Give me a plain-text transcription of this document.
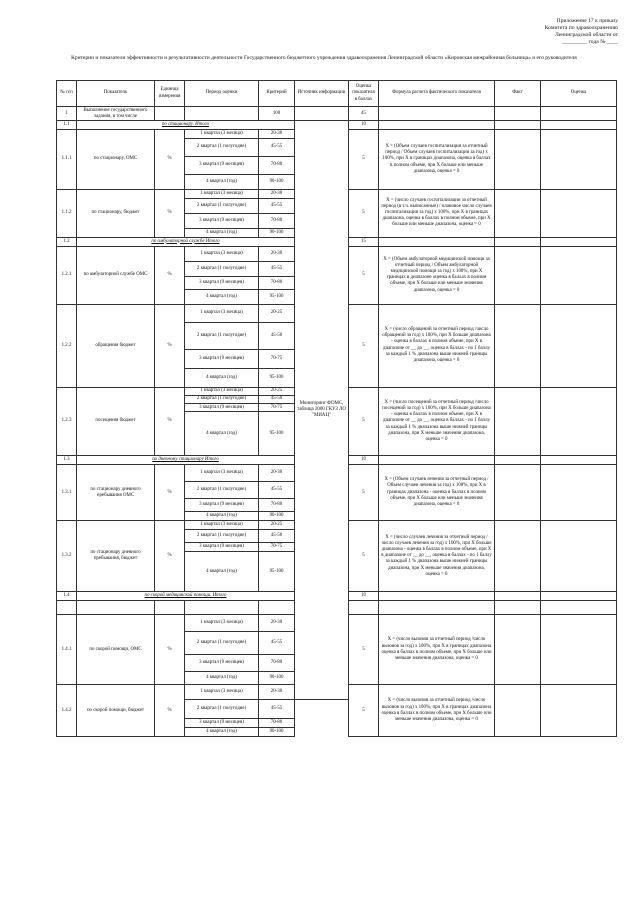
Приложение 17 к приказу
Комитета по здравоохранению
Ленинградской области от
_________ года № ____
Критерии и показатели эффективности и результативности деятельности Государственного бюджетного учреждения здравоохранения Ленинградской области «Кировская межрайонная больница» и его руководителя
№ п/п	Показатель	Единица измерения	Период оценки	Критерий	Источник информации	Оценка показателя в баллах	Формула расчета фактического показателя	Факт	Оценка
1	Выполнение государственного задания, в том числе			100		45			
1.1	по стационару. Итого				Мониторинг ФОМС, таблица 2000 ГКУЗ ЛО "МИАЦ"	10			
1.1.1	по стационару, ОМС	%	1 квартал (3 месяца)	20-30		5	Х = (Объем случаев госпитализации за отчетный период / Объем случаев госпитализации за год) х 100%, при Х в границах диапазона, оценка в баллах в полном объеме, при Х больше или меньше диапазона, оценка = 0		
			2 квартал (1 полугодие)	45-55					
			3 квартал (9 месяцев)	70-80					
			4 квартал (год)	90-100					
1.1.2	по стационару, бюджет	%	1 квартал (3 месяца)	20-30		5	Х = (число случаев госпитализации за отчетный период (в т.ч. выписанные) / плановое число случаев госпитализации за год) х 100%, при Х в границах диапазона, оценка в баллах в полном объеме, при Х больше или меньше диапазона, оценка = 0		
			2 квартал (1 полугодие)	45-55					
			3 квартал (9 месяцев)	70-80					
			4 квартал (год)	90-100					
1.2	по амбулаторной службе Итого					15			
1.2.1	по амбулаторной службе ОМС	%	1 квартал (3 месяца)	20-30		5	Х = (Объем амбулаторной медицинской помощи за отчетный период / Объем амбулаторной медицинской помощи за год) х 100%, при Х границах в диапазоне оценка в баллах в полном объеме, при Х больше или меньше значения диапазона, оценка = 0		
			2 квартал (1 полугодие)	45-55					
			3 квартал (9 месяцев)	70-80					
			4 квартал (год)	95-100					
1.2.2	обращения бюджет	%	1 квартал (3 месяца)	20-25		5	Х = (число обращений за отчетный период /число обращений за год) х 100%, при Х больше диапазона - оценка в баллах в полном объеме, при Х в диапазоне от __ до __, оценка в баллах - по 1 баллу за каждый 1 % диапазона выше нижней границы диапазона, оценка = 0		
			2 квартал (1 полугодие)	45-50					
			3 квартал (9 месяцев)	70-75					
			4 квартал (год)	95-100					
1.2.3	посещения бюджет	%	1 квартал (3 месяца)	20-25		5	Х = (число посещений за отчетный период /число посещений за год) х 100%, при Х больше диапазона - оценка в баллах в полном объеме, при Х в диапазоне от __ до __, оценка в баллах - по 1 баллу за каждый 1 % диапазона выше нижней границы диапазона, при Х меньше значения диапазона, оценка = 0		
			2 квартал (1 полугодие)	45-50					
			3 квартал (9 месяцев)	70-75					
			4 квартал (год)	95-100					
1.3	по дневному стационару Итого					10			
1.3.1	по стационару дневного пребывания ОМС	%	1 квартал (3 месяца)	20-30		5	Х = (Объем случаев лечения за отчетный период / Объем случаев лечения за год) х 100%, при Х в границах диапазона - оценка в баллах в полном объеме, при Х больше или меньше значения диапазона, оценка = 0		
			2 квартал (1 полугодие)	45-55					
			3 квартал (9 месяцев)	70-80					
			4 квартал (год)	90-100					
1.3.2	по стационару дневного пребывания, бюджет	%	1 квартал (3 месяца)	20-25		5	Х = (число случаев лечения за отчетный период /число случаев лечения за год) х 100%, при Х больше диапазона - оценка в баллах в полном объеме, при Х в диапазоне от __ до __, оценка в баллах - по 1 баллу за каждый 1 % диапазона выше нижней границы диапазона, при Х меньше значения диапазона, оценка = 0		
			2 квартал (1 полугодие)	45-50					
			3 квартал (9 месяцев)	70-75					
			4 квартал (год)	95-100					
1.4	по скорой медицинской помощи. Итого					10			

1.4.1	по скорой помощи, ОМС	%	1 квартал (3 месяца)	20-30		5	Х = (число вызовов за отчетный период /число вызовов за год) х 100%, при Х в границах диапазона оценка в баллах в полном объеме, при Х больше или меньше значения диапазона, оценка = 0		
			2 квартал (1 полугодие)	45-55					
			3 квартал (9 месяцев)	70-80					
			4 квартал (год)	90-100					
1.4.2	по скорой помощи, бюджет	%	1 квартал (3 месяца)	20-30		5	Х = (число вызовов за отчетный период /число вызовов за год) х 100%, при Х в границах диапазона оценка в баллах в полном объеме, при Х больше или меньше значения диапазона, оценка = 0		
			2 квартал (1 полугодие)	45-55					
			3 квартал (9 месяцев)	70-80					
			4 квартал (год)	90-100					
